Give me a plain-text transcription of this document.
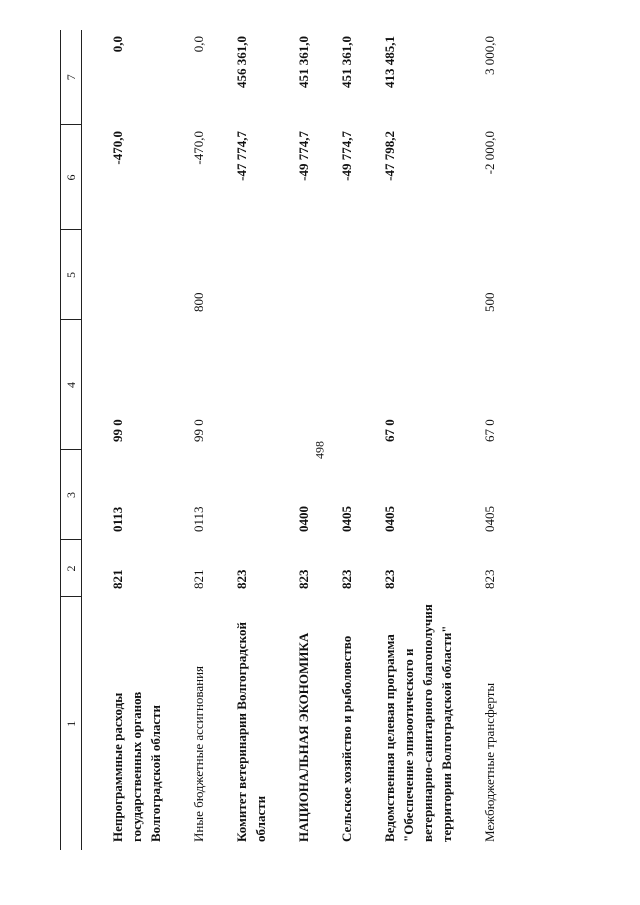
498
1	2	3	4	5	6	7
Непрограммные расходы государственных органов Волгоградской области	821	0113	99 0		-470,0	0,0
Иные бюджетные ассигнования	821	0113	99 0	800	-470,0	0,0
Комитет ветеринарии Волгоградской области	823				-47 774,7	456 361,0
НАЦИОНАЛЬНАЯ ЭКОНОМИКА	823	0400			-49 774,7	451 361,0
Сельское хозяйство и рыболовство	823	0405			-49 774,7	451 361,0
Ведомственная целевая программа "Обеспечение эпизоотического и ветеринарно-санитарного благополучия территории Волгоградской области"	823	0405	67 0		-47 798,2	413 485,1
Межбюджетные трансферты	823	0405	67 0	500	-2 000,0	3 000,0
